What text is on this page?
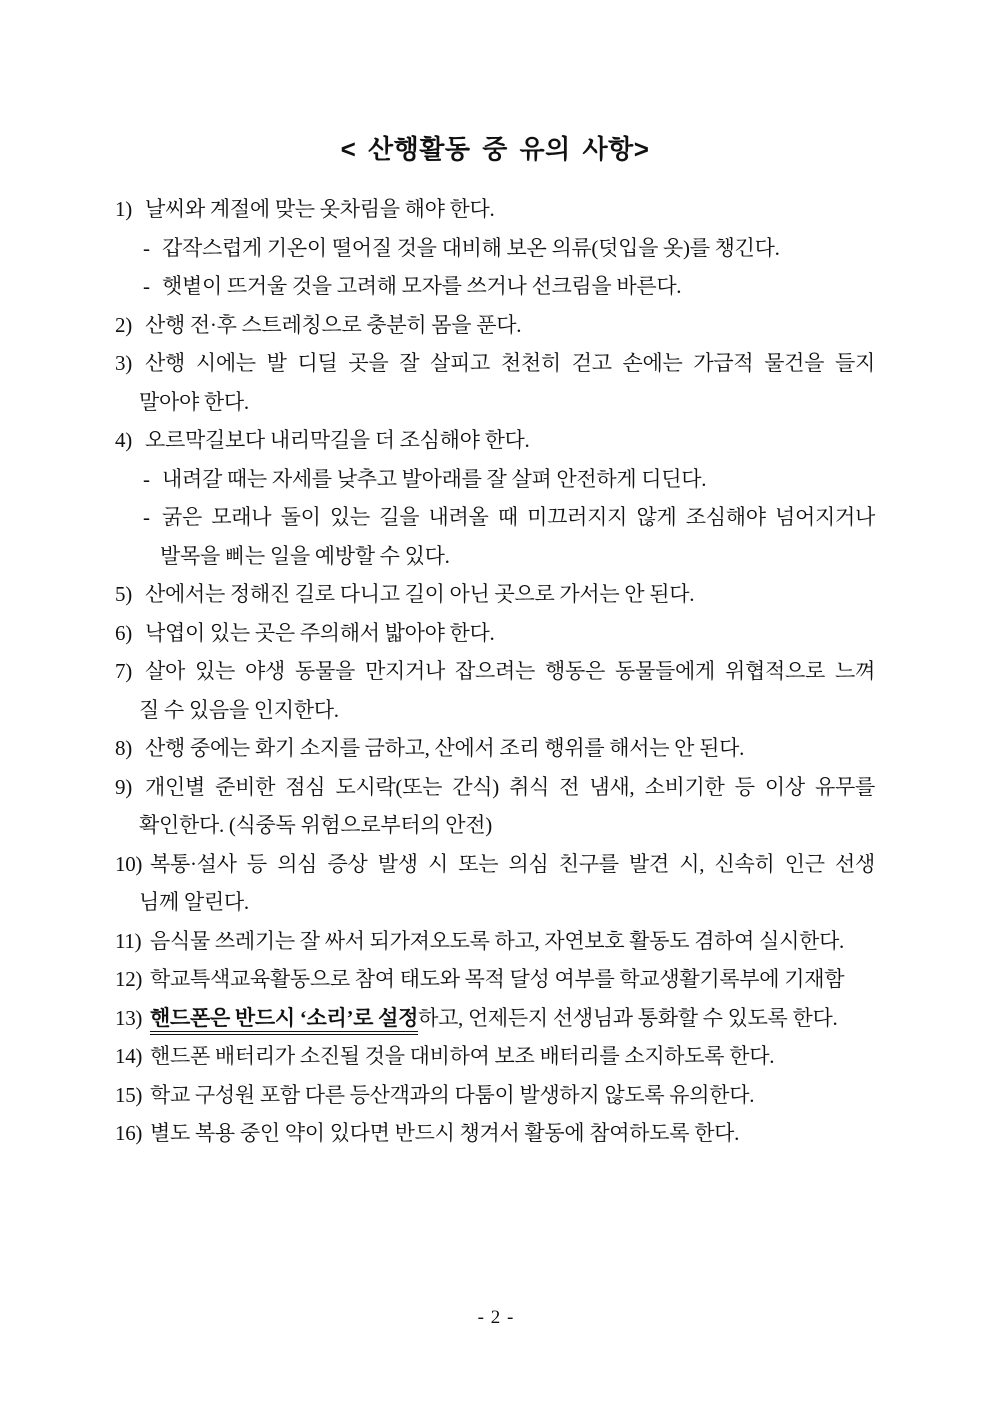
< 산행활동 중 유의 사항>
1) 날씨와 계절에 맞는 옷차림을 해야 한다.
- 갑작스럽게 기온이 떨어질 것을 대비해 보온 의류(덧입을 옷)를 챙긴다.
- 햇볕이 뜨거울 것을 고려해 모자를 쓰거나 선크림을 바른다.
2) 산행 전·후 스트레칭으로 충분히 몸을 푼다.
3) 산행 시에는 발 디딜 곳을 잘 살피고 천천히 걷고 손에는 가급적 물건을 들지
말아야 한다.
4) 오르막길보다 내리막길을 더 조심해야 한다.
- 내려갈 때는 자세를 낮추고 발아래를 잘 살펴 안전하게 디딘다.
- 굵은 모래나 돌이 있는 길을 내려올 때 미끄러지지 않게 조심해야 넘어지거나
발목을 삐는 일을 예방할 수 있다.
5) 산에서는 정해진 길로 다니고 길이 아닌 곳으로 가서는 안 된다.
6) 낙엽이 있는 곳은 주의해서 밟아야 한다.
7) 살아 있는 야생 동물을 만지거나 잡으려는 행동은 동물들에게 위협적으로 느껴
질 수 있음을 인지한다.
8) 산행 중에는 화기 소지를 금하고, 산에서 조리 행위를 해서는 안 된다.
9) 개인별 준비한 점심 도시락(또는 간식) 취식 전 냄새, 소비기한 등 이상 유무를
확인한다. (식중독 위험으로부터의 안전)
10) 복통·설사 등 의심 증상 발생 시 또는 의심 친구를 발견 시, 신속히 인근 선생
님께 알린다.
11) 음식물 쓰레기는 잘 싸서 되가져오도록 하고, 자연보호 활동도 겸하여 실시한다.
12) 학교특색교육활동으로 참여 태도와 목적 달성 여부를 학교생활기록부에 기재함
13) 핸드폰은 반드시 ‘소리’로 설정하고, 언제든지 선생님과 통화할 수 있도록 한다.
14) 핸드폰 배터리가 소진될 것을 대비하여 보조 배터리를 소지하도록 한다.
15) 학교 구성원 포함 다른 등산객과의 다툼이 발생하지 않도록 유의한다.
16) 별도 복용 중인 약이 있다면 반드시 챙겨서 활동에 참여하도록 한다.
- 2 -
